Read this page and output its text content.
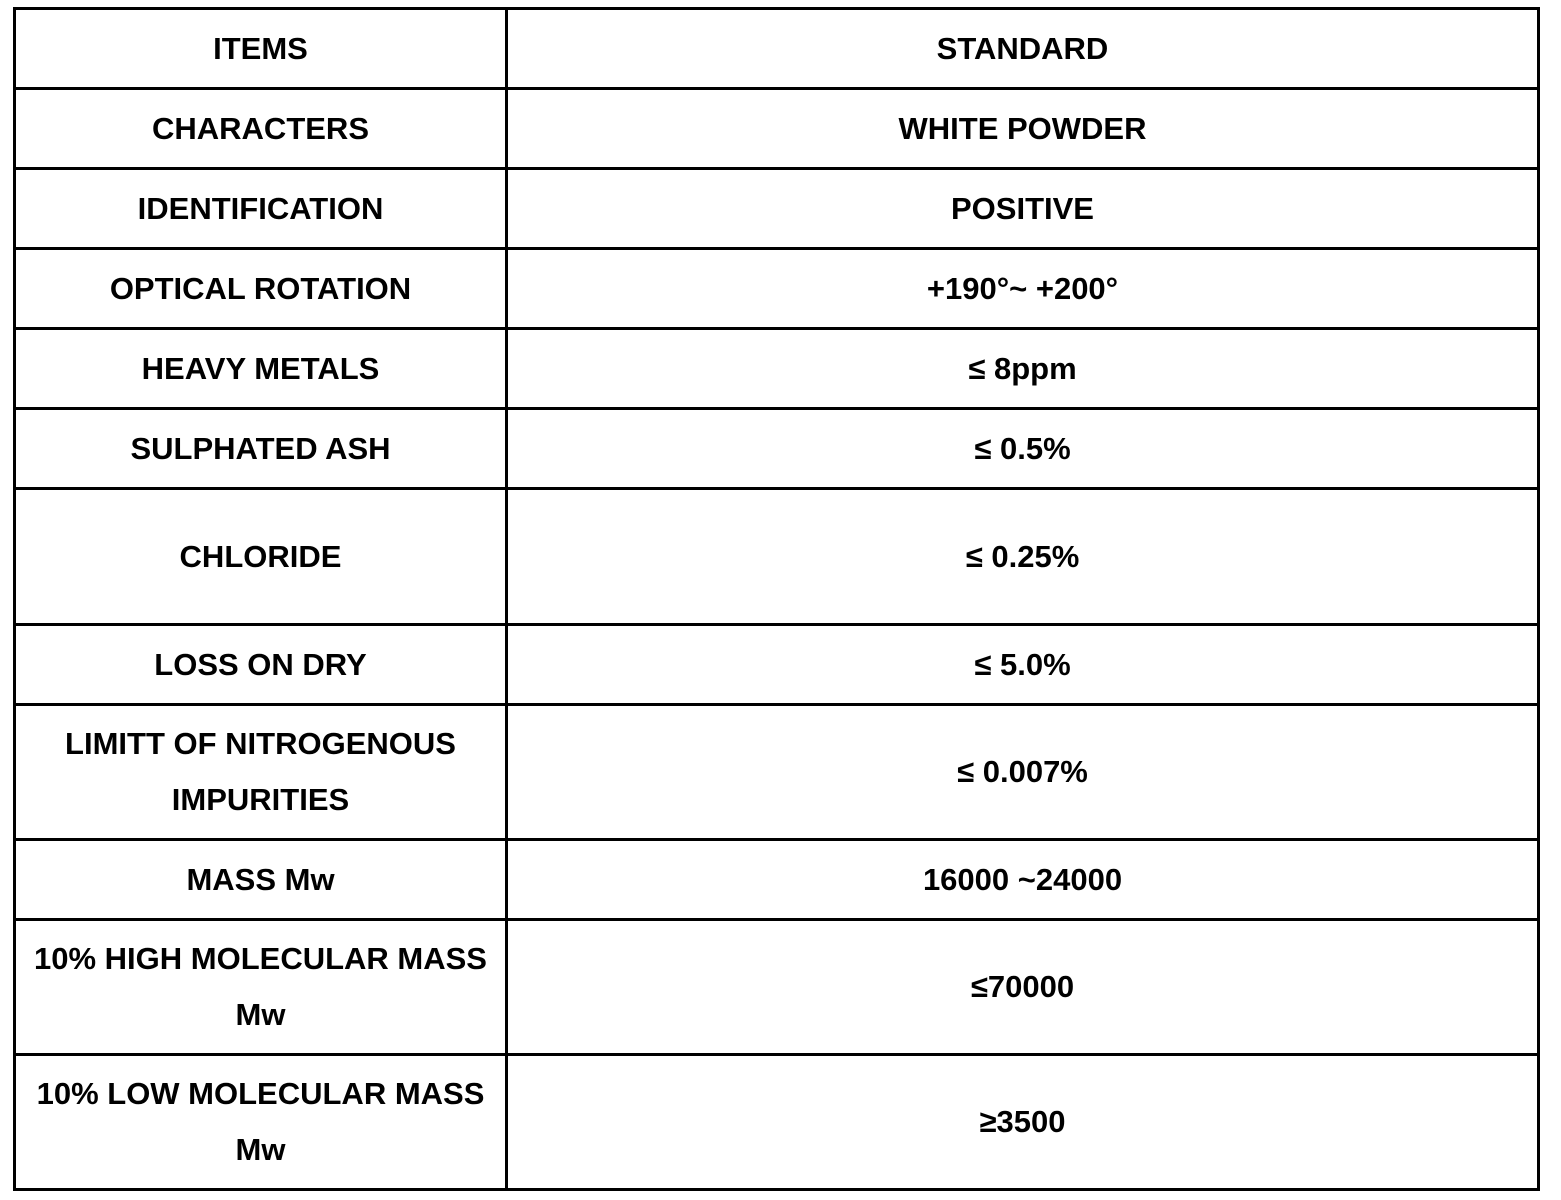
ITEMS	STANDARD
CHARACTERS	WHITE POWDER
IDENTIFICATION	POSITIVE
OPTICAL ROTATION	+190°~ +200°
HEAVY METALS	≤ 8ppm
SULPHATED ASH	≤ 0.5%
CHLORIDE	≤ 0.25%
LOSS ON DRY	≤ 5.0%
LIMITT OF NITROGENOUS IMPURITIES	≤ 0.007%
MASS Mw	16000 ~24000
10% HIGH MOLECULAR MASS Mw	≤70000
10% LOW MOLECULAR MASS Mw	≥3500
